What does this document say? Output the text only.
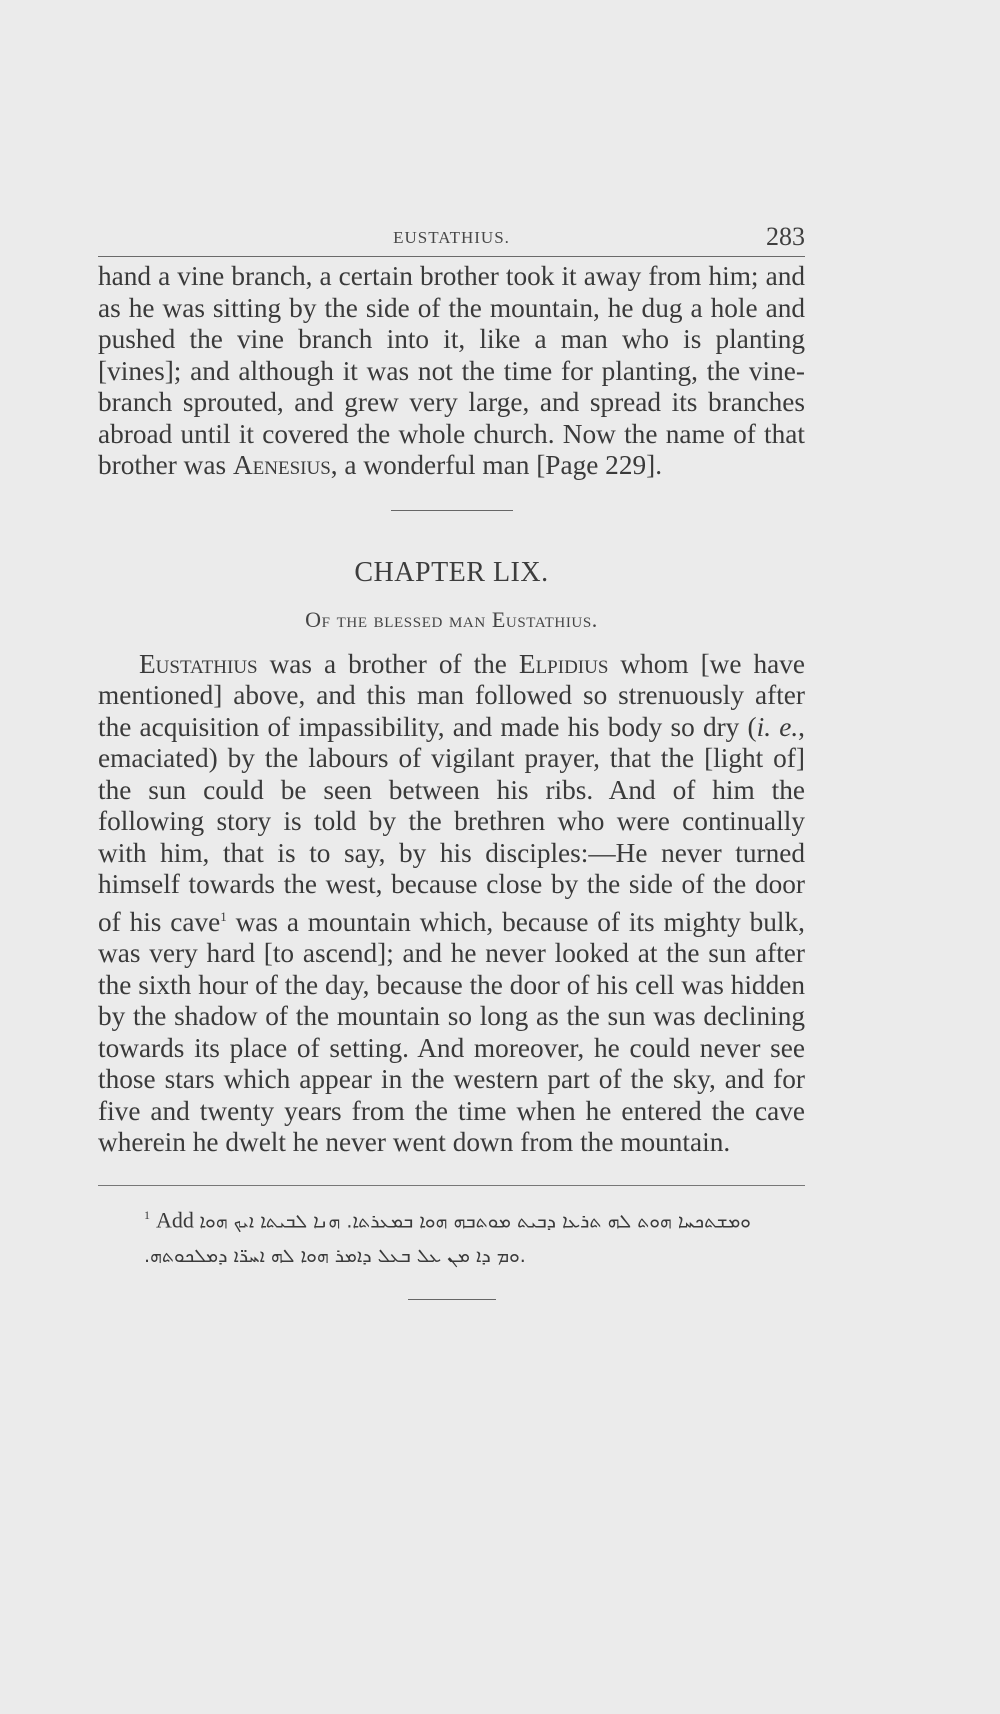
EUSTATHIUS.	283

hand a vine branch, a certain brother took it away from him; and as he was sitting by the side of the mountain, he dug a hole and pushed the vine branch into it, like a man who is planting [vines]; and although it was not the time for planting, the vine-branch sprouted, and grew very large, and spread its branches abroad until it covered the whole church. Now the name of that brother was Aenesius, a wonderful man [Page 229].

CHAPTER LIX.
Of the blessed man Eustathius.

Eustathius was a brother of the Elpidius whom [we have mentioned] above, and this man followed so strenuously after the acquisition of impassibility, and made his body so dry (i. e., emaciated) by the labours of vigilant prayer, that the [light of] the sun could be seen between his ribs. And of him the following story is told by the brethren who were continually with him, that is to say, by his disciples:—He never turned himself towards the west, because close by the side of the door of his cave$^1$ was a mountain which, because of its mighty bulk, was very hard [to ascend]; and he never looked at the sun after the sixth hour of the day, because the door of his cell was hidden by the shadow of the mountain so long as the sun was declining towards its place of setting. And moreover, he could never see those stars which appear in the western part of the sky, and for five and twenty years from the time when he entered the cave wherein he dwelt he never went down from the mountain.

$^1$ Add ܘܡܫܬܟܚܐ ܗܘܬ ܠܗ ܬܪܥܐ ܕܒܝܬ ܡܘܬܒܗ ܗܘܐ ܒܡܥܪܬܐ. ܗܢܐ ܠܒܝܬܐ ܐܝܟ ܗܘܐ
.ܘܡ ܕܐ ܡܢ ܥܠ ܒܥܠ ܕܐܡܪ ܗܘܐ ܠܗ ܐܚܪ̈ܐ ܕܡܠܟܘܬܗ.
